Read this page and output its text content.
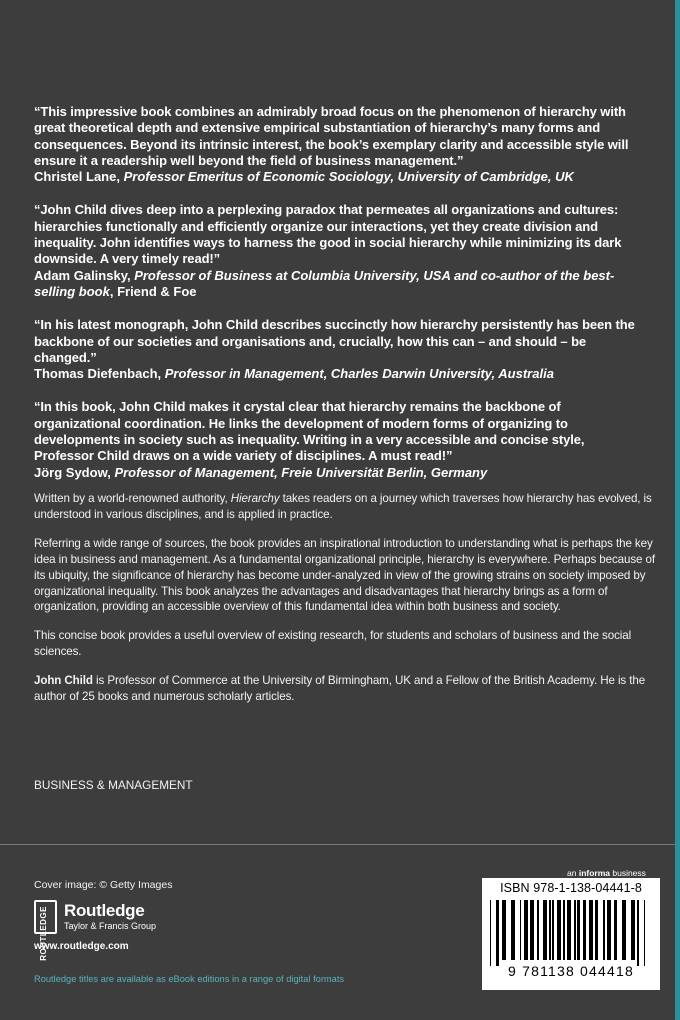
“This impressive book combines an admirably broad focus on the phenomenon of hierarchy with great theoretical depth and extensive empirical substantiation of hierarchy’s many forms and consequences. Beyond its intrinsic interest, the book’s exemplary clarity and accessible style will ensure it a readership well beyond the field of business management.”

Christel Lane, Professor Emeritus of Economic Sociology, University of Cambridge, UK

“John Child dives deep into a perplexing paradox that permeates all organizations and cultures: hierarchies functionally and efficiently organize our interactions, yet they create division and inequality. John identifies ways to harness the good in social hierarchy while minimizing its dark downside. A very timely read!”

Adam Galinsky, Professor of Business at Columbia University, USA and co-author of the best-selling book, Friend & Foe

“In his latest monograph, John Child describes succinctly how hierarchy persistently has been the backbone of our societies and organisations and, crucially, how this can – and should – be changed.”

Thomas Diefenbach, Professor in Management, Charles Darwin University, Australia

“In this book, John Child makes it crystal clear that hierarchy remains the backbone of organizational coordination. He links the development of modern forms of organizing to developments in society such as inequality. Writing in a very accessible and concise style, Professor Child draws on a wide variety of disciplines. A must read!”

Jörg Sydow, Professor of Management, Freie Universität Berlin, Germany

Written by a world-renowned authority, Hierarchy takes readers on a journey which traverses how hierarchy has evolved, is understood in various disciplines, and is applied in practice.

Referring a wide range of sources, the book provides an inspirational introduction to understanding what is perhaps the key idea in business and management. As a fundamental organizational principle, hierarchy is everywhere. Perhaps because of its ubiquity, the significance of hierarchy has become under-analyzed in view of the growing strains on society imposed by organizational inequality. This book analyzes the advantages and disadvantages that hierarchy brings as a form of organization, providing an accessible overview of this fundamental idea within both business and society.

This concise book provides a useful overview of existing research, for students and scholars of business and the social sciences.

John Child is Professor of Commerce at the University of Birmingham, UK and a Fellow of the British Academy. He is the author of 25 books and numerous scholarly articles.

BUSINESS & MANAGEMENT
Cover image: © Getty Images
ROUTLEDGE Routledge
Taylor & Francis Group
www.routledge.com
Routledge titles are available as eBook editions in a range of digital formats
an informa business
ISBN 978-1-138-04441-8
9 781138 044418
